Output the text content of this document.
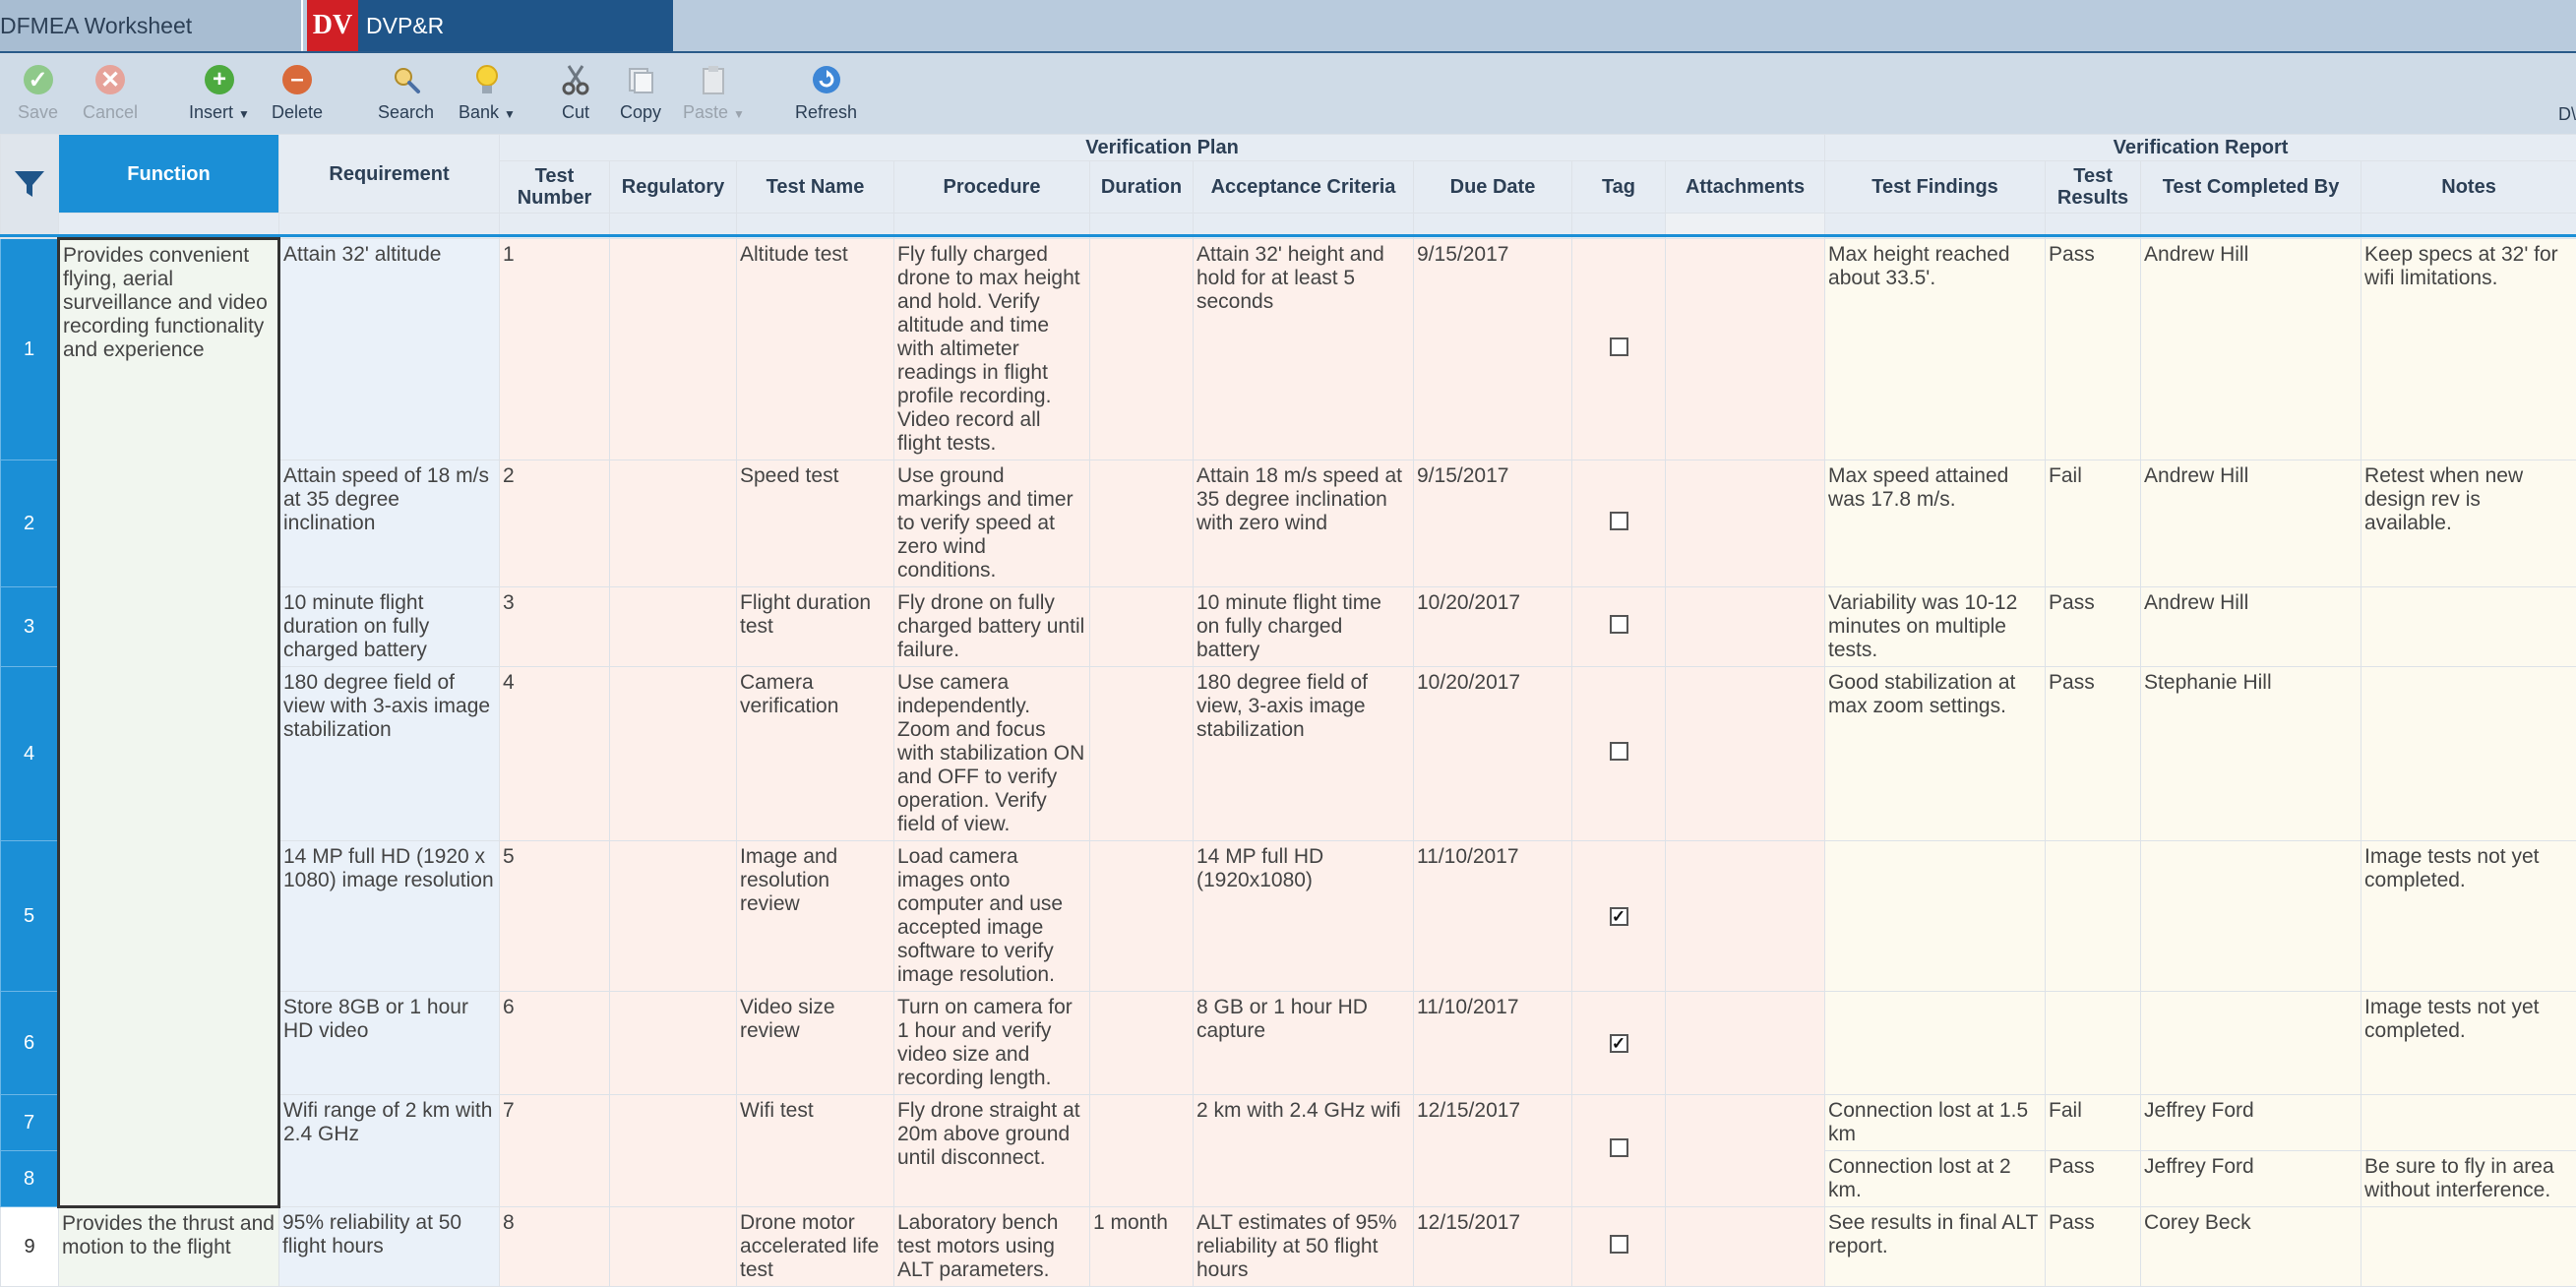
DFMEA Worksheet	DV DVP&R
✓
Save
✕
Cancel
+
Insert ▼
–
Delete	Search Bank ▼	Cut Copy Paste ▼	Refresh	D\
	Function	Requirement	Verification Plan									Verification Report			
			Test Number	Regulatory	Test Name	Procedure	Duration	Acceptance Criteria	Due Date	Tag	Attachments	Test Findings	Test Results	Test Completed By	Notes

1	Provides convenient flying, aerial surveillance and video recording functionality and experience	Attain 32' altitude	1		Altitude test	Fly fully charged drone to max height and hold. Verify altitude and time with altimeter readings in flight profile recording. Video record all flight tests.		Attain 32' height and hold for at least 5 seconds	9/15/2017			Max height reached about 33.5'.	Pass	Andrew Hill	Keep specs at 32' for wifi limitations.
2		Attain speed of 18 m/s at 35 degree inclination	2		Speed test	Use ground markings and timer to verify speed at zero wind conditions.		Attain 18 m/s speed at 35 degree inclination with zero wind	9/15/2017			Max speed attained was 17.8 m/s.	Fail	Andrew Hill	Retest when new design rev is available.
3		10 minute flight duration on fully charged battery	3		Flight duration test	Fly drone on fully charged battery until failure.		10 minute flight time on fully charged battery	10/20/2017			Variability was 10-12 minutes on multiple tests.	Pass	Andrew Hill	
4		180 degree field of view with 3-axis image stabilization	4		Camera verification	Use camera independently. Zoom and focus with stabilization ON and OFF to verify operation. Verify field of view.		180 degree field of view, 3-axis image stabilization	10/20/2017			Good stabilization at max zoom settings.	Pass	Stephanie Hill	
5		14 MP full HD (1920 x 1080) image resolution	5		Image and resolution review	Load camera images onto computer and use accepted image software to verify image resolution.		14 MP full HD (1920x1080)	11/10/2017	✓					Image tests not yet completed.
6		Store 8GB or 1 hour HD video	6		Video size review	Turn on camera for 1 hour and verify video size and recording length.		8 GB or 1 hour HD capture	11/10/2017	✓					Image tests not yet completed.
7		Wifi range of 2 km with 2.4 GHz	7		Wifi test	Fly drone straight at 20m above ground until disconnect.		2 km with 2.4 GHz wifi	12/15/2017			Connection lost at 1.5 km	Fail	Jeffrey Ford	
8												Connection lost at 2 km.	Pass	Jeffrey Ford	Be sure to fly in area without interference.
9	Provides the thrust and motion to the flight	95% reliability at 50 flight hours	8		Drone motor accelerated life test	Laboratory bench test motors using ALT parameters.	1 month	ALT estimates of 95% reliability at 50 flight hours	12/15/2017			See results in final ALT report.	Pass	Corey Beck	
